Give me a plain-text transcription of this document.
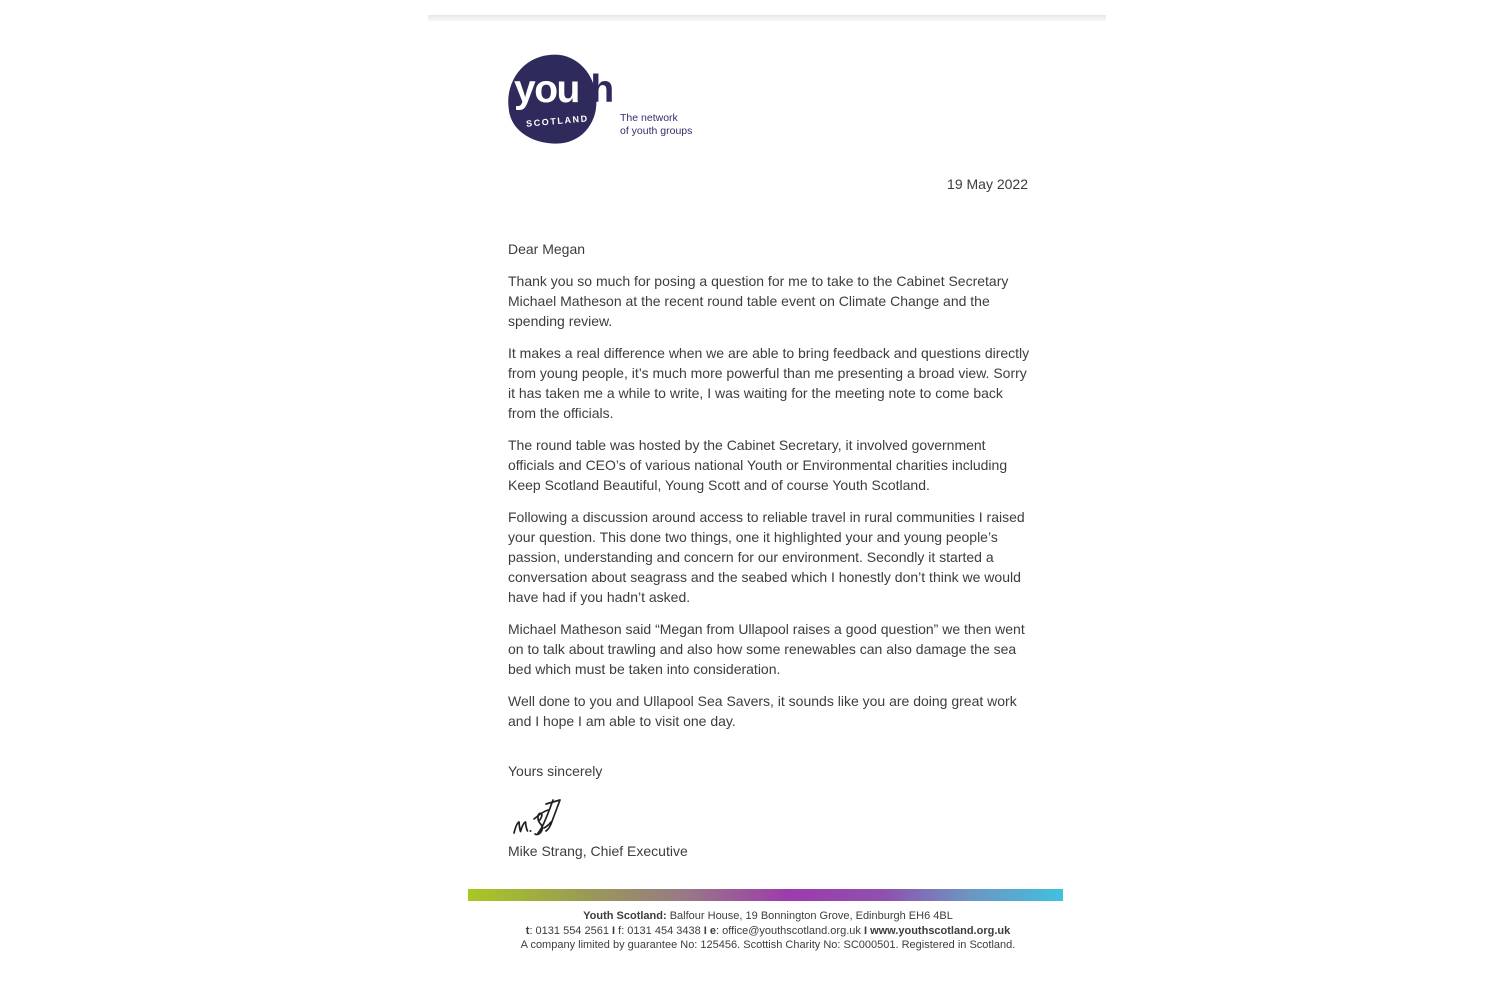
youth
SCOTLAND	The network
of youth groups
19 May 2022

Dear Megan

Thank you so much for posing a question for me to take to the Cabinet Secretary Michael Matheson at the recent round table event on Climate Change and the spending review.

It makes a real difference when we are able to bring feedback and questions directly from young people, it’s much more powerful than me presenting a broad view. Sorry it has taken me a while to write, I was waiting for the meeting note to come back from the officials.

The round table was hosted by the Cabinet Secretary, it involved government officials and CEO’s of various national Youth or Environmental charities including Keep Scotland Beautiful, Young Scott and of course Youth Scotland.

Following a discussion around access to reliable travel in rural communities I raised your question. This done two things, one it highlighted your and young people’s passion, understanding and concern for our environment. Secondly it started a conversation about seagrass and the seabed which I honestly don’t think we would have had if you hadn’t asked.

Michael Matheson said “Megan from Ullapool raises a good question” we then went on to talk about trawling and also how some renewables can also damage the sea bed which must be taken into consideration.

Well done to you and Ullapool Sea Savers, it sounds like you are doing great work and I hope I am able to visit one day.

Yours sincerely

Mike Strang, Chief Executive

Youth Scotland: Balfour House, 19 Bonnington Grove, Edinburgh EH6 4BL
t: 0131 554 2561 I f: 0131 454 3438 I e: office@youthscotland.org.uk I www.youthscotland.org.uk
A company limited by guarantee No: 125456. Scottish Charity No: SC000501. Registered in Scotland.
